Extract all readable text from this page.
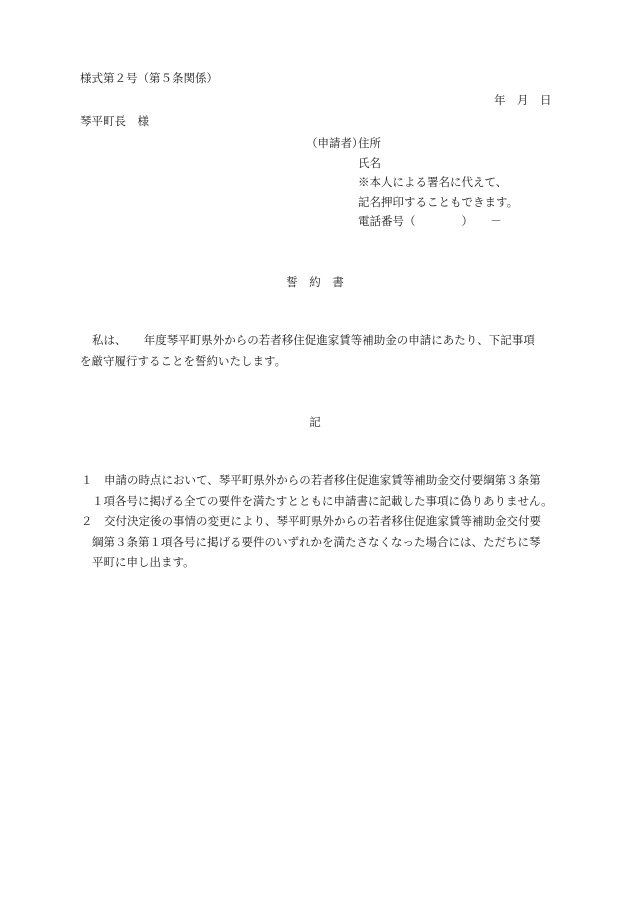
様式第２号（第５条関係）
年　月　日
琴平町長　様
（申請者）
住所
氏名
※本人による署名に代えて、
記名押印することもできます。
電話番号（　　　　）　　－
誓　約　書
私は、　　年度琴平町県外からの若者移住促進家賃等補助金の申請にあたり、下記事項
を厳守履行することを誓約いたします。
記
１ 申請の時点において、琴平町県外からの若者移住促進家賃等補助金交付要綱第３条第
１項各号に掲げる全ての要件を満たすとともに申請書に記載した事項に偽りありません。
２ 交付決定後の事情の変更により、琴平町県外からの若者移住促進家賃等補助金交付要
綱第３条第１項各号に掲げる要件のいずれかを満たさなくなった場合には、ただちに琴
平町に申し出ます。
